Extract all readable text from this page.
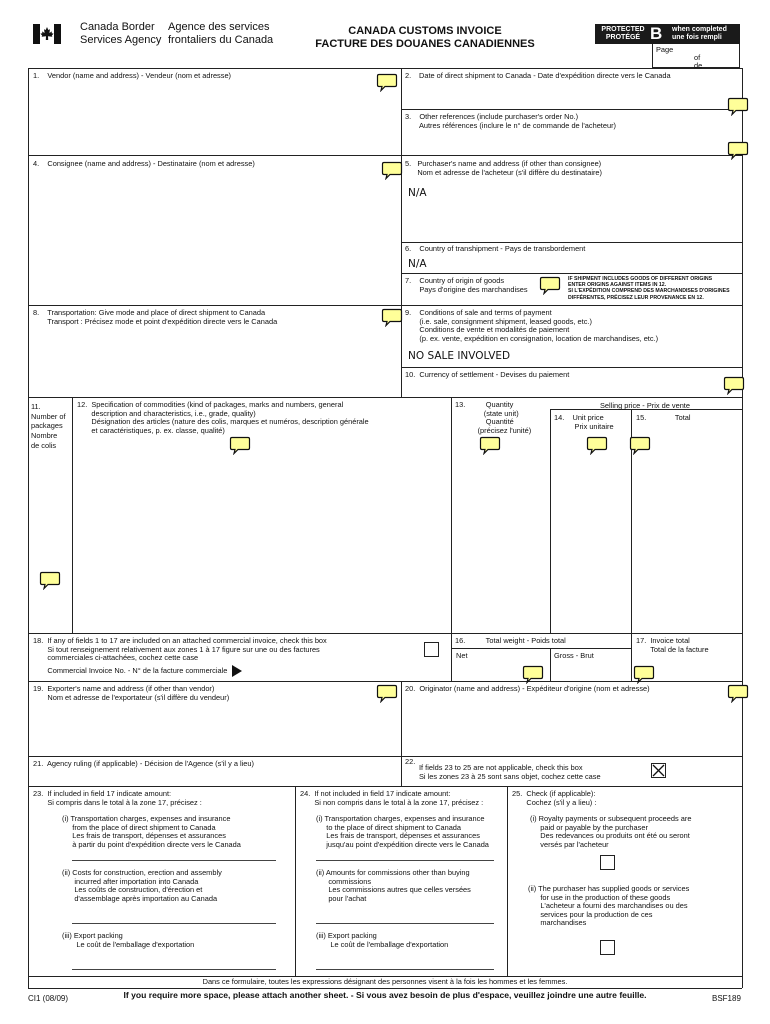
Canada Border
Services Agency
Agence des services
frontaliers du Canada
CANADA CUSTOMS INVOICE
FACTURE DES DOUANES CANADIENNES
PROTECTED
PROTÉGÉ B when completed
une fois rempli
Page
of
de
1.    Vendor (name and address) - Vendeur (nom et adresse)	2. Date of direct shipment to Canada - Date d'expédition directe vers le Canada
3.    Other references (include purchaser's order No.)
Autres références (inclure le n° de commande de l'acheteur)
4.    Consignee (name and address) - Destinataire (nom et adresse)	5.   Purchaser's name and address (if other than consignee)
Nom et adresse de l'acheteur (s'il diffère du destinataire)
N/A
6.    Country of transhipment - Pays de transbordement
N/A
7.    Country of origin of goods
Pays d'origine des marchandises
IF SHIPMENT INCLUDES GOODS OF DIFFERENT ORIGINS
ENTER ORIGINS AGAINST ITEMS IN 12.
SI L'EXPÉDITION COMPREND DES MARCHANDISES D'ORIGINES
DIFFÉRENTES, PRÉCISEZ LEUR PROVENANCE EN 12.
8.    Transportation: Give mode and place of direct shipment to Canada
Transport : Précisez mode et point d'expédition directe vers le Canada
9.    Conditions of sale and terms of payment
(i.e. sale, consignment shipment, leased goods, etc.)
Conditions de vente et modalités de paiement
(p. ex. vente, expédition en consignation, location de marchandises, etc.)
NO SALE INVOLVED
10.  Currency of settlement - Devises du paiement
11.
Number of
packages
Nombre
de colis
12.  Specification of commodities (kind of packages, marks and numbers, general
description and characteristics, i.e., grade, quality)
Désignation des articles (nature des colis, marques et numéros, description générale
et caractéristiques, p. ex. classe, qualité)
13.          Quantity
(state unit)
Quantité
(précisez l'unité)
Selling price - Prix de vente
14.    Unit price
Prix unitaire
15.              Total
18.  If any of fields 1 to 17 are included on an attached commercial invoice, check this box
Si tout renseignement relativement aux zones 1 à 17 figure sur une ou des factures
commerciales ci-attachées, cochez cette case
Commercial Invoice No. - N° de la facture commerciale
16.          Total weight - Poids total
Net	Gross - Brut
17.  Invoice total
Total de la facture
19.  Exporter's name and address (if other than vendor)
Nom et adresse de l'exportateur (s'il diffère du vendeur)
20.  Originator (name and address) - Expéditeur d'origine (nom et adresse)
21.  Agency ruling (if applicable) - Décision de l'Agence (s'il y a lieu)	22.
If fields 23 to 25 are not applicable, check this box
Si les zones 23 à 25 sont sans objet, cochez cette case
23.  If included in field 17 indicate amount:
Si compris dans le total à la zone 17, précisez :
(i) Transportation charges, expenses and insurance
from the place of direct shipment to Canada
Les frais de transport, dépenses et assurances
à partir du point d'expédition directe vers le Canada
(ii) Costs for construction, erection and assembly
incurred after importation into Canada
Les coûts de construction, d'érection et
d'assemblage après importation au Canada
(iii) Export packing
Le coût de l'emballage d'exportation
24.  If not included in field 17 indicate amount:
Si non compris dans le total à la zone 17, précisez :
(i) Transportation charges, expenses and insurance
to the place of direct shipment to Canada
Les frais de transport, dépenses et assurances
jusqu'au point d'expédition directe vers le Canada
(ii) Amounts for commissions other than buying
commissions
Les commissions autres que celles versées
pour l'achat
(iii) Export packing
Le coût de l'emballage d'exportation
25.  Check (if applicable):
Cochez (s'il y a lieu) :
(i) Royalty payments or subsequent proceeds are
paid or payable by the purchaser
Des redevances ou produits ont été ou seront
versés par l'acheteur
(ii) The purchaser has supplied goods or services
for use in the production of these goods
L'acheteur a fourni des marchandises ou des
services pour la production de ces
marchandises
Dans ce formulaire, toutes les expressions désignant des personnes visent à la fois les hommes et les femmes.
CI1 (08/09)	If you require more space, please attach another sheet. - Si vous avez besoin de plus d'espace, veuillez joindre une autre feuille.	BSF189
